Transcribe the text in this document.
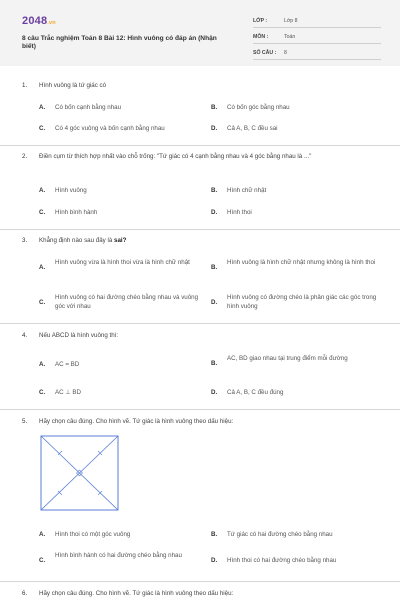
2048.vn
8 câu Trắc nghiệm Toán 8 Bài 12: Hình vuông có đáp án (Nhận biết)
LỚP :	Lớp 8
MÔN :	Toán
SỐ CÂU : 8
1. Hình vuông là tứ giác có
A. Có bốn cạnh bằng nhau	B. Có bốn góc bằng nhau
C. Có 4 góc vuông và bốn cạnh bằng nhau	D. Cả A, B, C đều sai
2. Điền cụm từ thích hợp nhất vào chỗ trống: "Tứ giác có 4 cạnh bằng nhau và 4 góc bằng nhau là ..."
A. Hình vuông	B. Hình chữ nhật
C. Hình bình hành	D. Hình thoi
3. Khẳng định nào sau đây là sai?
A.
Hình vuông vừa là hình thoi vừa là hình chữ nhật
B.
Hình vuông là hình chữ nhật nhưng không là hình thoi
C.
Hình vuông có hai đường chéo bằng nhau và vuông góc với nhau
D.
Hình vuông có đường chéo là phân giác các góc trong hình vuông
4. Nếu ABCD là hình vuông thì:
A. AC = BD	B.
AC, BD giao nhau tại trung điểm mỗi đường
C. AC ⊥ BD	D. Cả A, B, C đều đúng
5. Hãy chọn câu đúng. Cho hình vẽ. Tứ giác là hình vuông theo dấu hiệu:
A. Hình thoi có một góc vuông	B. Tứ giác có hai đường chéo bằng nhau
C.
Hình bình hành có hai đường chéo bằng nhau
D. Hình thoi có hai đường chéo bằng nhau
6. Hãy chọn câu đúng. Cho hình vẽ. Tứ giác là hình vuông theo dấu hiệu:
